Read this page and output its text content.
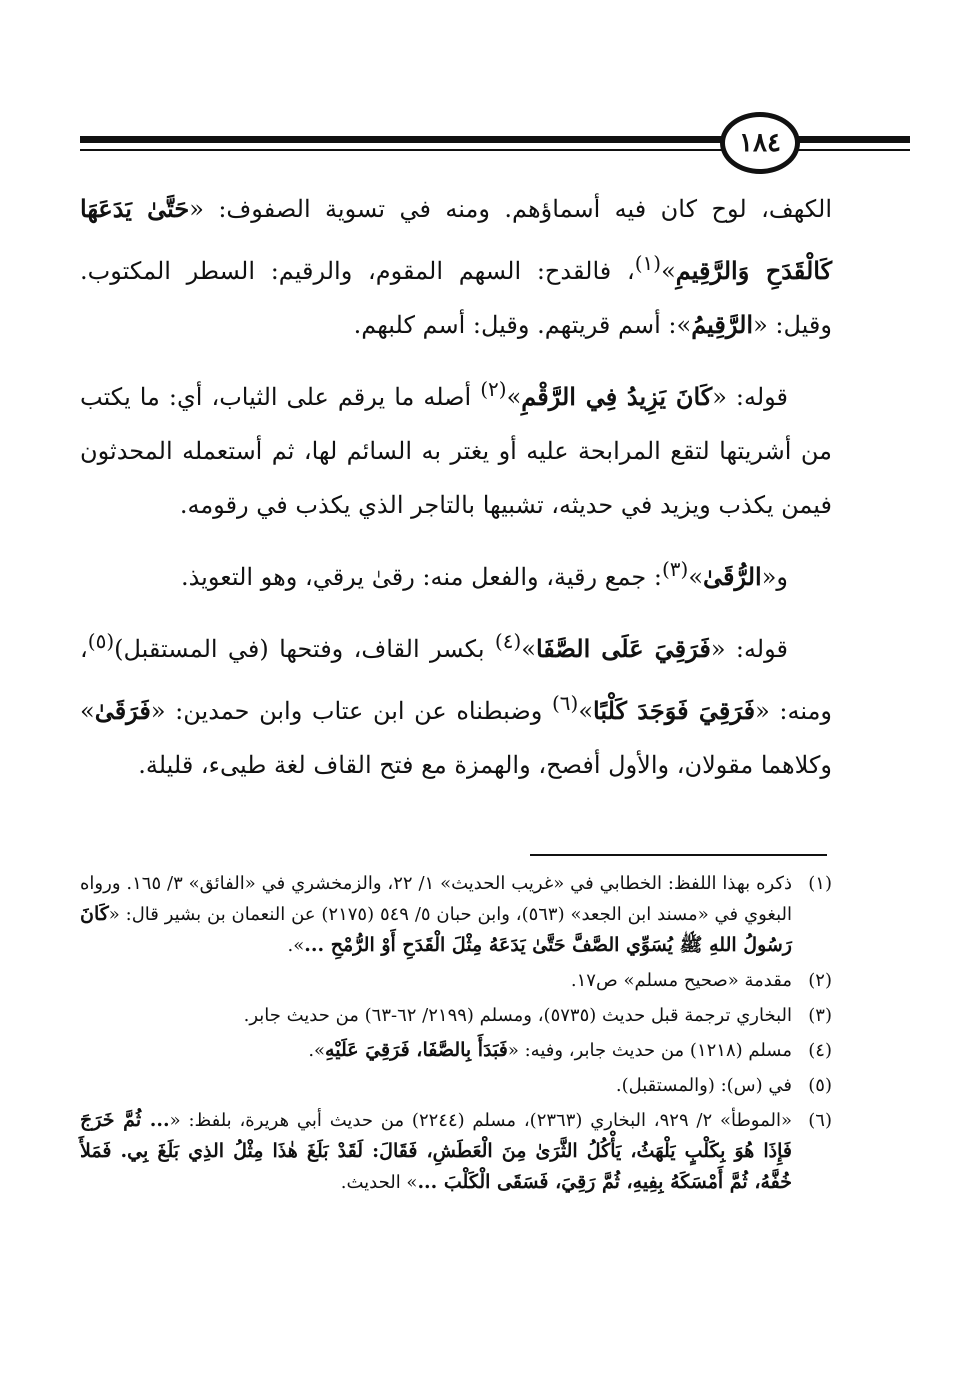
١٨٤

الكهف، لوح كان فيه أسماؤهم. ومنه في تسوية الصفوف: «حَتَّىٰ يَدَعَهَا كَالْقَدَحِ وَالرَّقِيمِ»$^{(١)}$، فالقدح: السهم المقوم، والرقيم: السطر المكتوب. وقيل: «الرَّقِيمُ»: أسم قريتهم. وقيل: أسم كلبهم.

قوله: «كَانَ يَزِيدُ فِي الرَّقْمِ»$^{(٢)}$ أصله ما يرقم على الثياب، أي: ما يكتب من أشريتها لتقع المرابحة عليه أو يغتر به السائم لها، ثم أستعمله المحدثون فيمن يكذب ويزيد في حديثه، تشبيها بالتاجر الذي يكذب في رقومه.

و«الرُّقَىٰ»$^{(٣)}$: جمع رقية، والفعل منه: رقىٰ يرقي، وهو التعويذ.

قوله: «فَرَقِيَ عَلَى الصَّفَا»$^{(٤)}$ بكسر القاف، وفتحها (في المستقبل)$^{(٥)}$، ومنه: «فَرَقِيَ فَوَجَدَ كَلْبًا»$^{(٦)}$ وضبطناه عن ابن عتاب وابن حمدين: «فَرَقَىٰ» وكلاهما مقولان، والأول أفصح، والهمزة مع فتح القاف لغة طيىء، قليلة.

(١)
ذكره بهذا اللفظ: الخطابي في «غريب الحديث» ١/ ٢٢، والزمخشري في «الفائق» ٣/ ١٦٥. ورواه البغوي في «مسند ابن الجعد» (٥٦٣)، وابن حبان ٥/ ٥٤٩ (٢١٧٥) عن النعمان بن بشير قال: «كَانَ رَسُولُ اللهِ ﷺ يُسَوِّي الصَّفَّ حَتَّىٰ يَدَعَهُ مِثْلَ الْقَدَحِ أَوْ الرُّمْحِ ...».
(٢)
مقدمة «صحيح مسلم» ص١٧.
(٣)
البخاري ترجمة قبل حديث (٥٧٣٥)، ومسلم (٢١٩٩/ ٦٢-٦٣) من حديث جابر.
(٤)
مسلم (١٢١٨) من حديث جابر، وفيه: «فَبَدَأَ بِالصَّفَا، فَرَقِيَ عَلَيْهِ».
(٥)
في (س): (والمستقبل).
(٦)
«الموطأ» ٢/ ٩٢٩، البخاري (٢٣٦٣)، مسلم (٢٢٤٤) من حديث أبي هريرة، بلفظ: «... ثُمَّ خَرَجَ فَإِذَا هُوَ بِكَلْبٍ يَلْهَثُ، يَأْكُلُ الثَّرَىٰ مِنَ الْعَطَشِ، فَقَالَ: لَقَدْ بَلَغَ هٰذَا مِثْلُ الذِي بَلَغَ بِي. فَمَلأَ خُفَّهُ، ثُمَّ أَمْسَكَهُ بِفِيهِ، ثُمَّ رَقِيَ، فَسَقَى الْكَلْبَ ...» الحديث.
